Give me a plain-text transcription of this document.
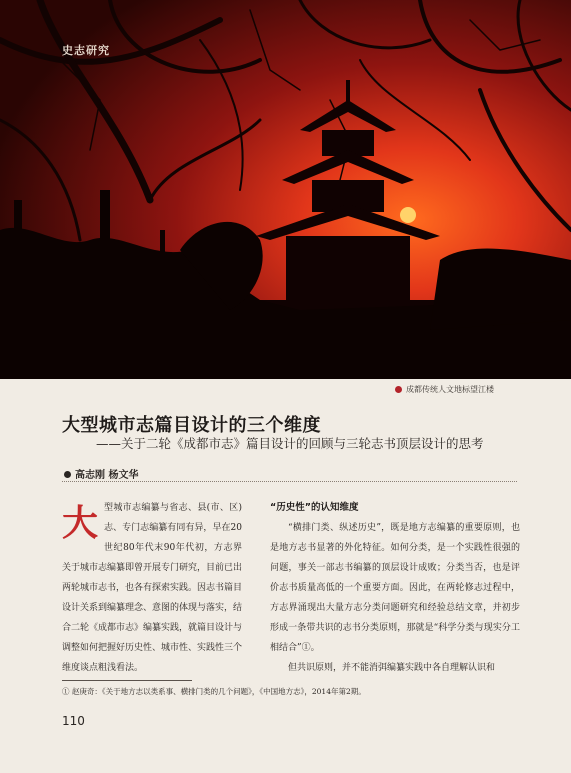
史志研究
成都传统人文地标望江楼
大型城市志篇目设计的三个维度
——关于二轮《成都市志》篇目设计的回顾与三轮志书顶层设计的思考
高志刚 杨文华
大 型城市志编纂与省志、县(市、区)志、专门志编纂有同有异，早在20世纪80年代末90年代初，方志界关于城市志编纂即曾开展专门研究，目前已出两轮城市志书，也各有探索实践。因志书篇目设计关系到编纂理念、意图的体现与落实，结合二轮《成都市志》编纂实践，就篇目设计与调整如何把握好历史性、城市性、实践性三个维度谈点粗浅看法。

“历史性”的认知维度

“横排门类、纵述历史”，既是地方志编纂的重要原则，也是地方志书显著的外化特征。如何分类，是一个实践性很强的问题，事关一部志书编纂的顶层设计成败；分类当否，也是评价志书质量高低的一个重要方面。因此，在两轮修志过程中，方志界涌现出大量方志分类问题研究和经验总结文章，并初步形成一条带共识的志书分类原则，那就是“科学分类与现实分工相结合”①。

但共识原则，并不能消弭编纂实践中各自理解认识和

① 赵庚奇：《关于地方志以类系事、横排门类的几个问题》，《中国地方志》，2014年第2期。
110
